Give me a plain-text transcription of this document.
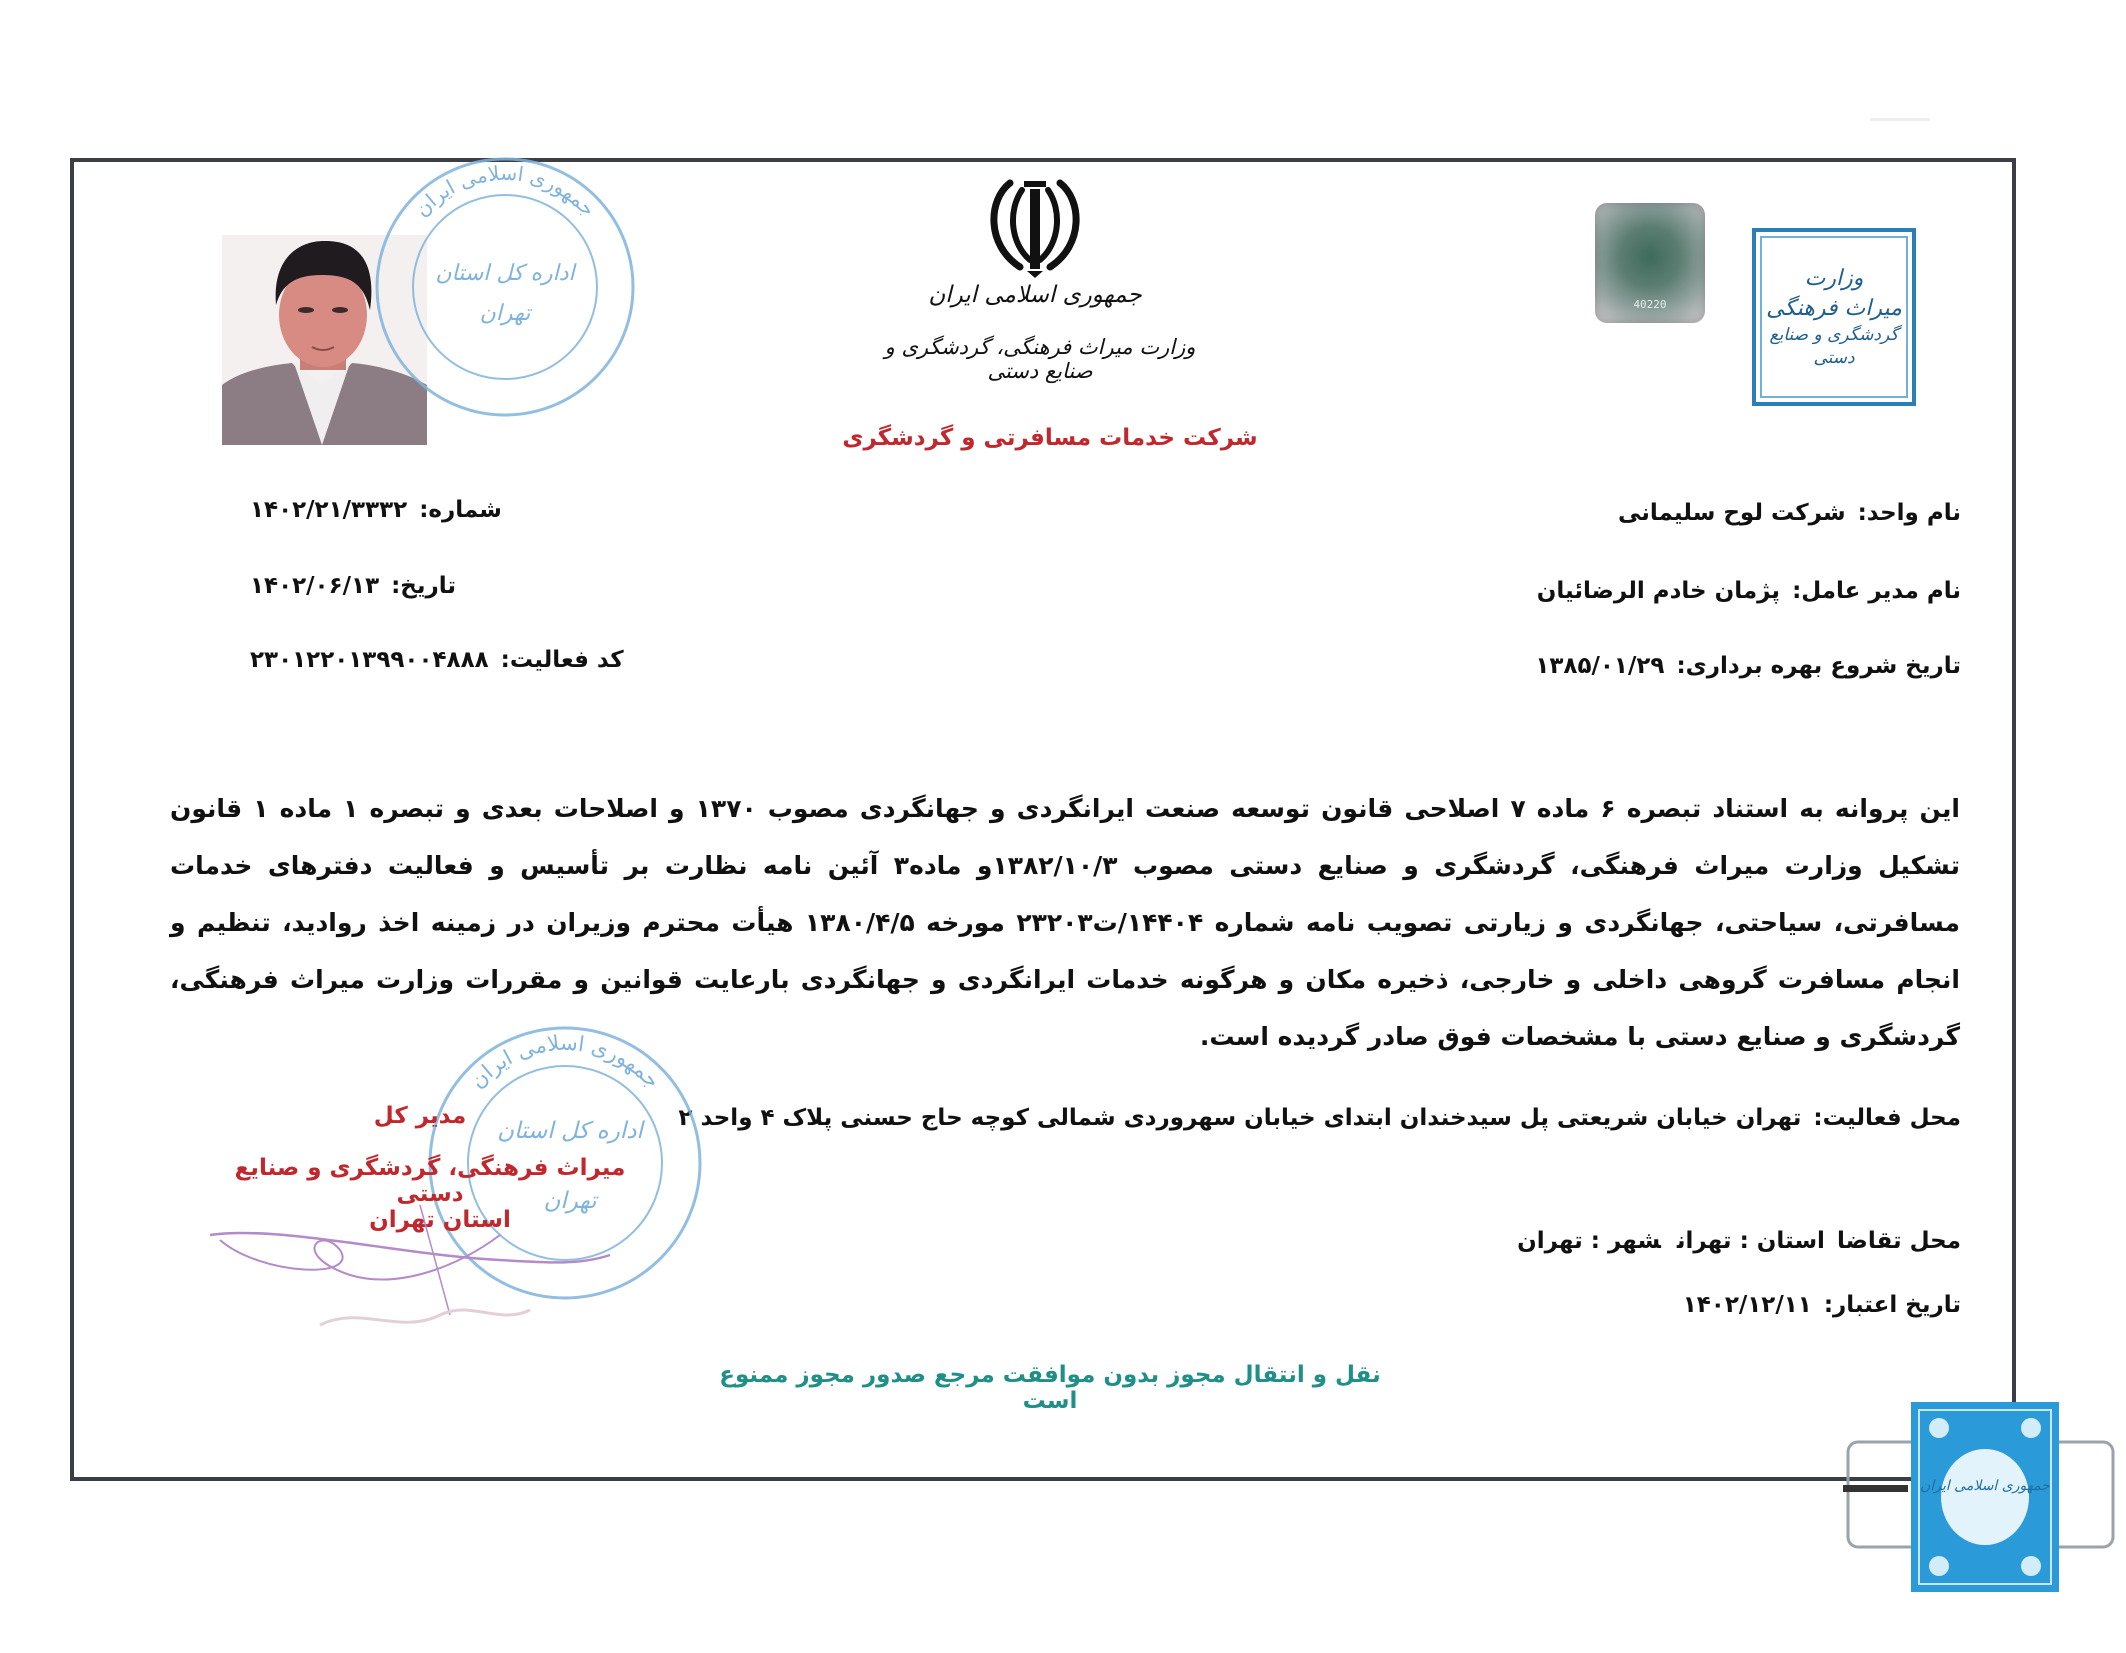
جمهوری اسلامی ایران
وزارت میراث فرهنگی، گردشگری و صنایع دستی
شرکت خدمات مسافرتی و گردشگری
40220
وزارت
میراث فرهنگی
گردشگری و صنایع دستی
جمهوری اسلامی ایران
اداره کل استان
تهران
نام واحد:شرکت لوح سلیمانی
نام مدیر عامل:پژمان خادم الرضائیان
تاریخ شروع بهره برداری:۱۳۸۵/۰۱/۲۹
شماره:۱۴۰۲/۲۱/۳۳۳۲
تاریخ:۱۴۰۲/۰۶/۱۳
کد فعالیت:۲۳۰۱۲۲۰۱۳۹۹۰۰۴۸۸۸
این پروانه به استناد تبصره ۶ ماده ۷ اصلاحی قانون توسعه صنعت ایرانگردی و جهانگردی مصوب ۱۳۷۰ و اصلاحات بعدی و تبصره ۱ ماده ۱ قانون تشکیل وزارت میراث فرهنگی، گردشگری و صنایع دستی مصوب ۱۳۸۲/۱۰/۳و ماده۳ آئین نامه نظارت بر تأسیس و فعالیت دفترهای خدمات مسافرتی، سیاحتی، جهانگردی و زیارتی تصویب نامه شماره ۱۴۴۰۴/ت۲۳۲۰۳ مورخه ۱۳۸۰/۴/۵ هیأت محترم وزیران در زمینه اخذ روادید، تنظیم و انجام مسافرت گروهی داخلی و خارجی، ذخیره مکان و هرگونه خدمات ایرانگردی و جهانگردی بارعایت قوانین و مقررات وزارت میراث فرهنگی، گردشگری و صنایع دستی با مشخصات فوق صادر گردیده است.
محل فعالیت:تهران خیابان شریعتی پل سیدخندان ابتدای خیابان سهروردی شمالی کوچه حاج حسنی پلاک ۴ واحد ۲
جمهوری اسلامی ایران
اداره کل استان
تهران
مدیر کل
میراث فرهنگی، گردشگری و صنایع دستی
استان تهران
محل تقاضااستان : تهرانشهر : تهران
تاریخ اعتبار:۱۴۰۲/۱۲/۱۱
نقل و انتقال مجوز بدون موافقت مرجع صدور مجوز ممنوع است
جمهوری اسلامی ایران
